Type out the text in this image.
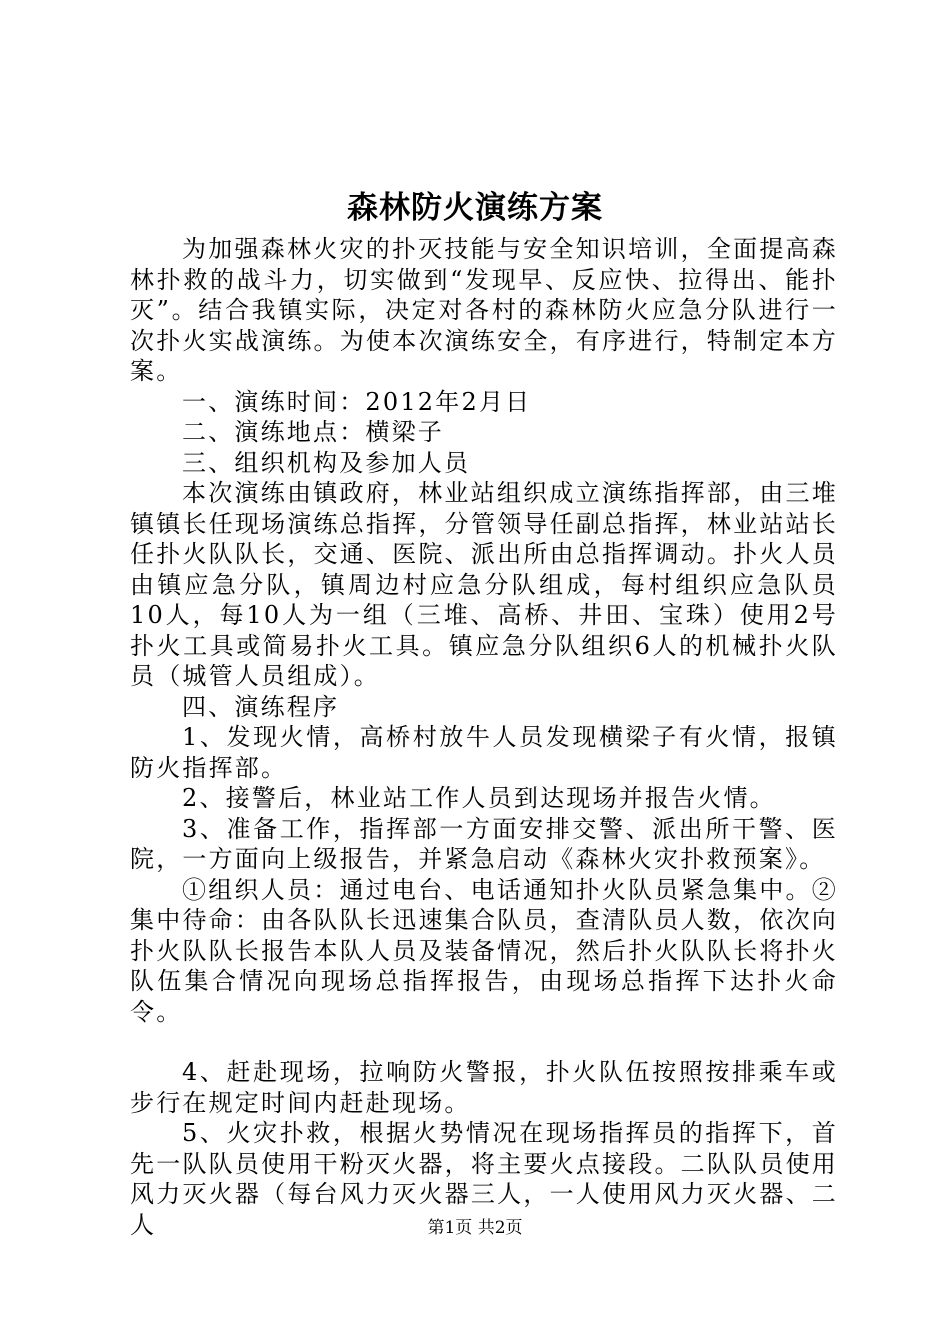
森林防火演练方案

为加强森林火灾的扑灭技能与安全知识培训，全面提高森林扑救的战斗力，切实做到“发现早、反应快、拉得出、能扑灭”。结合我镇实际，决定对各村的森林防火应急分队进行一次扑火实战演练。为使本次演练安全，有序进行，特制定本方案。

一、演练时间：2012年2月日

二、演练地点：横梁子

三、组织机构及参加人员

本次演练由镇政府，林业站组织成立演练指挥部，由三堆镇镇长任现场演练总指挥，分管领导任副总指挥，林业站站长任扑火队队长，交通、医院、派出所由总指挥调动。扑火人员由镇应急分队，镇周边村应急分队组成，每村组织应急队员10人，每10人为一组（三堆、高桥、井田、宝珠）使用2号扑火工具或简易扑火工具。镇应急分队组织6人的机械扑火队员（城管人员组成）。

四、演练程序

1、发现火情，高桥村放牛人员发现横梁子有火情，报镇防火指挥部。

2、接警后，林业站工作人员到达现场并报告火情。

3、准备工作，指挥部一方面安排交警、派出所干警、医院，一方面向上级报告，并紧急启动《森林火灾扑救预案》。

①组织人员：通过电台、电话通知扑火队员紧急集中。②集中待命：由各队队长迅速集合队员，查清队员人数，依次向扑火队队长报告本队人员及装备情况，然后扑火队队长将扑火队伍集合情况向现场总指挥报告，由现场总指挥下达扑火命令。

4、赶赴现场，拉响防火警报，扑火队伍按照按排乘车或步行在规定时间内赶赴现场。

5、火灾扑救，根据火势情况在现场指挥员的指挥下，首先一队队员使用干粉灭火器，将主要火点接段。二队队员使用风力灭火器（每台风力灭火器三人，一人使用风力灭火器、二人	第1页 共2页
